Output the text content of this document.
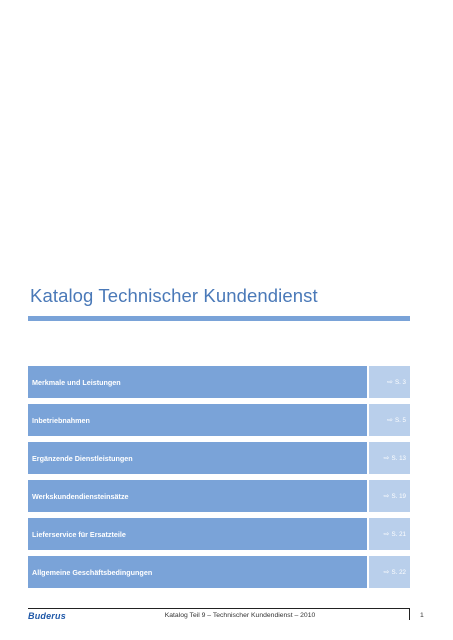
Katalog Technischer Kundendienst
Merkmale und Leistungen	⇨ S. 3
Inbetriebnahmen	⇨ S. 5
Ergänzende Dienstleistungen	⇨ S. 13
Werkskundendiensteinsätze	⇨ S. 19
Lieferservice für Ersatzteile	⇨ S. 21
Allgemeine Geschäftsbedingungen	⇨ S. 22
Buderus	Katalog Teil 9 – Technischer Kundendienst – 2010	1
